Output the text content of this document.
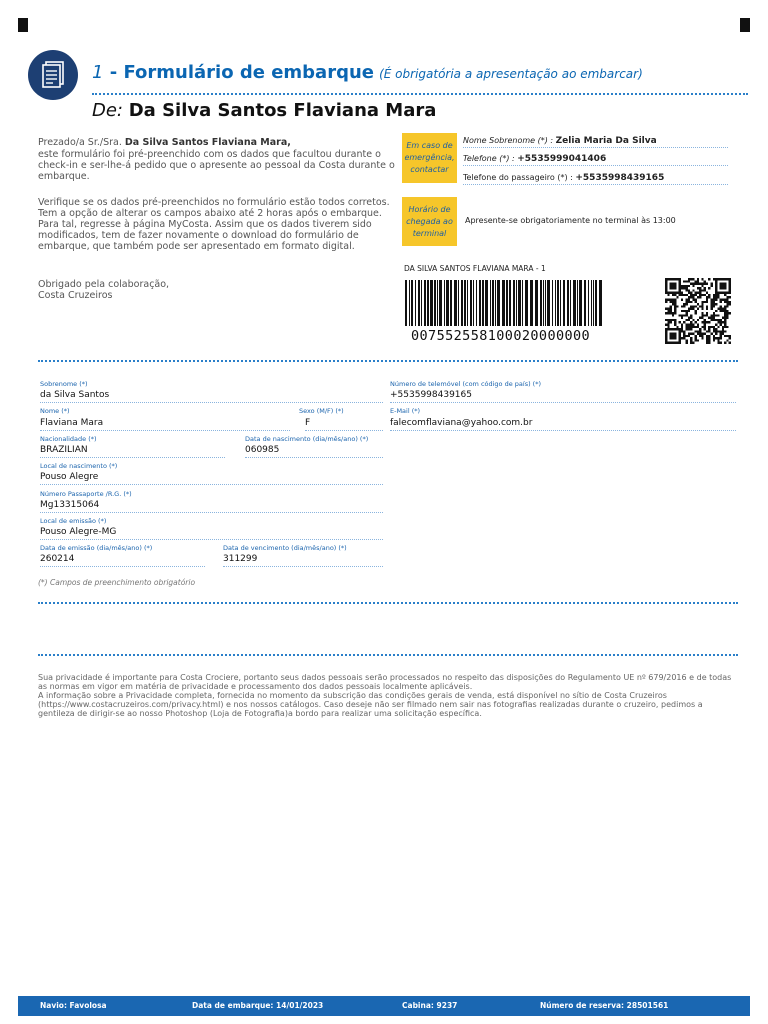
1 - Formulário de embarque (É obrigatória a apresentação ao embarcar)
De: Da Silva Santos Flaviana Mara
Prezado/a Sr./Sra. Da Silva Santos Flaviana Mara,
este formulário foi pré-preenchido com os dados que facultou durante o check-in e ser-lhe-á pedido que o apresente ao pessoal da Costa durante o embarque.
Verifique se os dados pré-preenchidos no formulário estão todos corretos.
Tem a opção de alterar os campos abaixo até 2 horas após o embarque. Para tal, regresse à página MyCosta. Assim que os dados tiverem sido modificados, tem de fazer novamente o download do formulário de embarque, que também pode ser apresentado em formato digital.
Obrigado pela colaboração,
Costa Cruzeiros
Em caso de emergência, contactar
Nome Sobrenome (*) : Zelia Maria Da Silva
Telefone (*) : +5535999041406
Telefone do passageiro (*) : +5535998439165
Horário de chegada ao terminal
Apresente-se obrigatoriamente no terminal às 13:00
DA SILVA SANTOS FLAVIANA MARA - 1
007552558100020000000
Sobrenome (*)
da Silva Santos
Nome (*)
Flaviana Mara
Sexo (M/F) (*)
F
Nacionalidade (*)
BRAZILIAN
Data de nascimento (dia/mês/ano) (*)
060985
Local de nascimento (*)
Pouso Alegre
Número Passaporte /R.G. (*)
Mg13315064
Local de emissão (*)
Pouso Alegre-MG
Data de emissão (dia/mês/ano) (*)
260214
Data de vencimento (dia/mês/ano) (*)
311299
Número de telemóvel (com código de país) (*)
+5535998439165
E-Mail (*)
falecomflaviana@yahoo.com.br
(*) Campos de preenchimento obrigatório
Sua privacidade é importante para Costa Crociere, portanto seus dados pessoais serão processados no respeito das disposições do Regulamento UE nº 679/2016 e de todas as normas em vigor em matéria de privacidade e processamento dos dados pessoais localmente aplicáveis.
A informação sobre a Privacidade completa, fornecida no momento da subscrição das condições gerais de venda, está disponível no sítio de Costa Cruzeiros (https://www.costacruzeiros.com/privacy.html) e nos nossos catálogos. Caso deseje não ser filmado nem sair nas fotografias realizadas durante o cruzeiro, pedimos a gentileza de dirigir-se ao nosso Photoshop (Loja de Fotografia)a bordo para realizar uma solicitação específica.
Navio: Favolosa	Data de embarque: 14/01/2023	Cabina: 9237	Número de reserva: 28501561
